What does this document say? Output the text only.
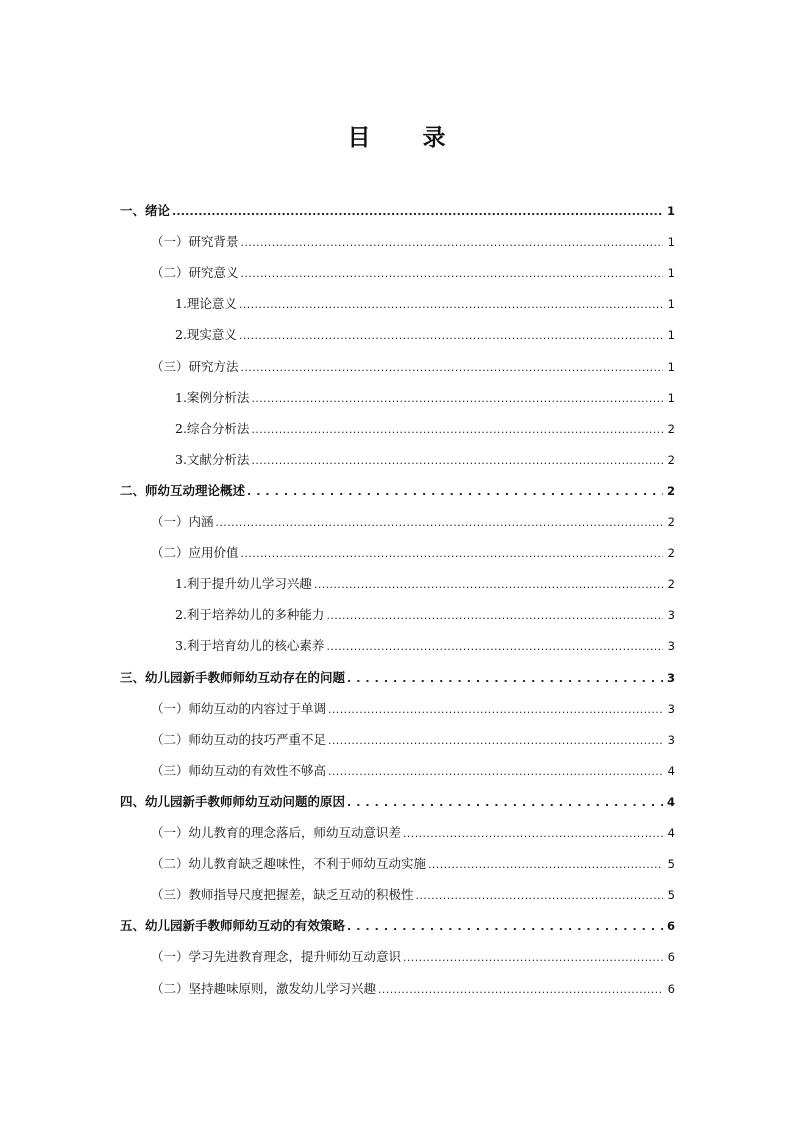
目 录
一、绪论 .....	1
（一）研究背景 .....	1
（二）研究意义 .....	1
1.理论意义 .....	1
2.现实意义 .....	1
（三）研究方法 .....	1
1.案例分析法 .....	1
2.综合分析法 .....	2
3.文献分析法 .....	2
二、师幼互动理论概述 . . .	2
（一）内涵 .....	2
（二）应用价值 .....	2
1.利于提升幼儿学习兴趣 .....	2
2.利于培养幼儿的多种能力 .....	3
3.利于培育幼儿的核心素养 .....	3
三、幼儿园新手教师师幼互动存在的问题 . . .	3
（一）师幼互动的内容过于单调 .....	3
（二）师幼互动的技巧严重不足 .....	3
（三）师幼互动的有效性不够高 .....	4
四、幼儿园新手教师师幼互动问题的原因 . . .	4
（一）幼儿教育的理念落后，师幼互动意识差 .....	4
（二）幼儿教育缺乏趣味性，不利于师幼互动实施 .....	5
（三）教师指导尺度把握差，缺乏互动的积极性 .....	5
五、幼儿园新手教师师幼互动的有效策略 . . .	6
（一）学习先进教育理念，提升师幼互动意识 .....	6
（二）坚持趣味原则，激发幼儿学习兴趣 .....	6
